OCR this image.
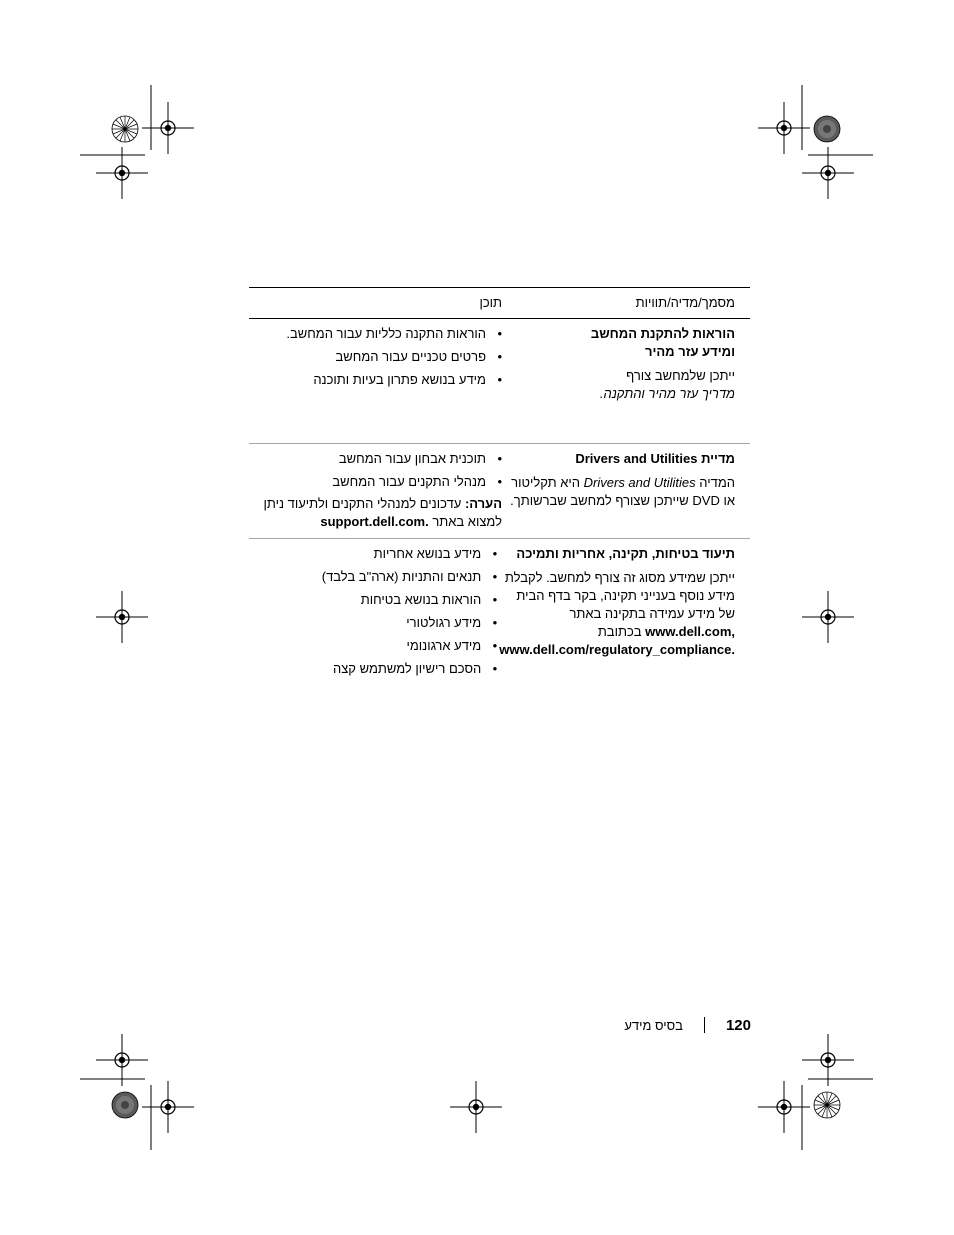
מסמך/מדיה/תוויות
תוכן
הוראות להתקנת המחשב ומידע עזר מהיר
ייתכן שלמחשב צורף
מדריך עזר מהיר והתקנה.
• הוראות התקנה כלליות עבור המחשב.
• פרטים טכניים עבור המחשב
• מידע בנושא פתרון בעיות ותוכנה
מדיית Drivers and Utilities
המדיה Drivers and Utilities היא תקליטור או DVD שייתכן שצורף למחשב שברשותך.
• תוכנית אבחון עבור המחשב
• מנהלי התקנים עבור המחשב
הערה: עדכונים למנהלי התקנים ולתיעוד ניתן למצוא באתר support.dell.com.
תיעוד בטיחות, תקינה, אחריות ותמיכה
ייתכן שמידע מסוג זה צורף למחשב. לקבלת מידע נוסף בענייני תקינה, בקר בדף הבית של מידע עמידה בתקינה באתר www.dell.com, בכתובת www.dell.com/regulatory_compliance.
• מידע בנושא אחריות
• תנאים והתניות (ארה"ב בלבד)
• הוראות בנושא בטיחות
• מידע רגולטורי
• מידע ארגונומי
• הסכם רישיון למשתמש קצה
120
בסיס מידע
